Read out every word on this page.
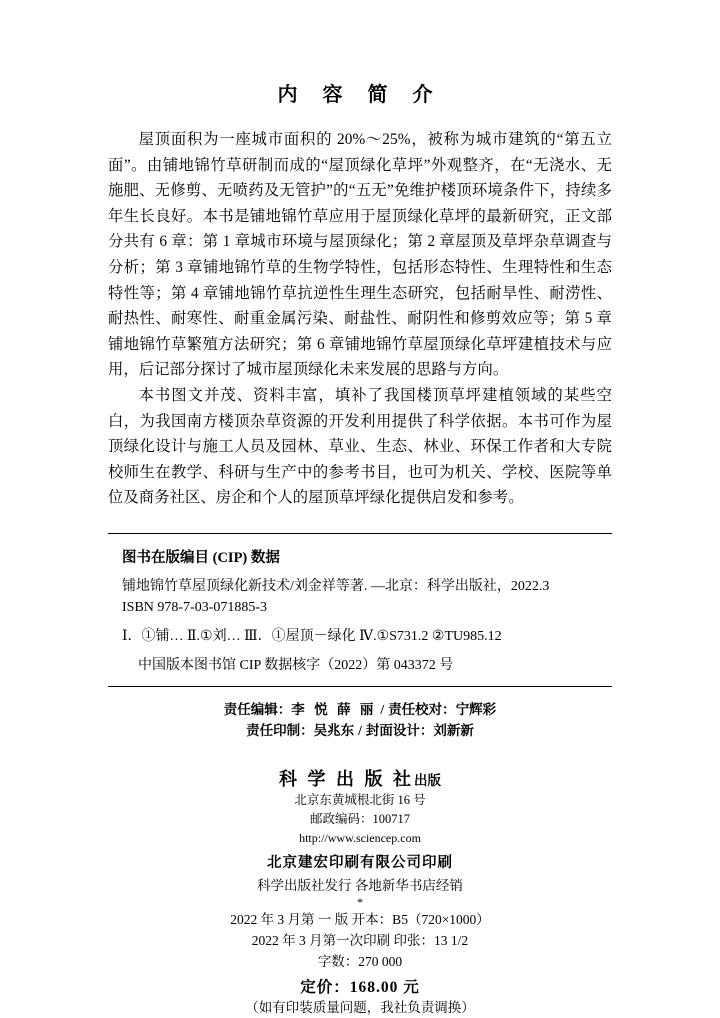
内 容 简 介

屋顶面积为一座城市面积的 20%～25%，被称为城市建筑的“第五立面”。由铺地锦竹草研制而成的“屋顶绿化草坪”外观整齐，在“无浇水、无施肥、无修剪、无喷药及无管护”的“五无”免维护楼顶环境条件下，持续多年生长良好。本书是铺地锦竹草应用于屋顶绿化草坪的最新研究，正文部分共有 6 章：第 1 章城市环境与屋顶绿化；第 2 章屋顶及草坪杂草调查与分析；第 3 章铺地锦竹草的生物学特性，包括形态特性、生理特性和生态特性等；第 4 章铺地锦竹草抗逆性生理生态研究，包括耐旱性、耐涝性、耐热性、耐寒性、耐重金属污染、耐盐性、耐阴性和修剪效应等；第 5 章铺地锦竹草繁殖方法研究；第 6 章铺地锦竹草屋顶绿化草坪建植技术与应用，后记部分探讨了城市屋顶绿化未来发展的思路与方向。

本书图文并茂、资料丰富，填补了我国楼顶草坪建植领域的某些空白，为我国南方楼顶杂草资源的开发利用提供了科学依据。本书可作为屋顶绿化设计与施工人员及园林、草业、生态、林业、环保工作者和大专院校师生在教学、科研与生产中的参考书目，也可为机关、学校、医院等单位及商务社区、房企和个人的屋顶草坪绿化提供启发和参考。

图书在版编目 (CIP) 数据
铺地锦竹草屋顶绿化新技术/刘金祥等著. —北京：科学出版社，2022.3
ISBN 978-7-03-071885-3
Ⅰ．①铺… Ⅱ.①刘… Ⅲ．①屋顶－绿化 Ⅳ.①S731.2 ②TU985.12
中国版本图书馆 CIP 数据核字（2022）第 043372 号
责任编辑：李 悦 薛 丽 / 责任校对：宁辉彩
责任印制：吴兆东 / 封面设计：刘新新
科 学 出 版 社出版
北京东黄城根北街 16 号
邮政编码：100717
http://www.sciencep.com
北京建宏印刷有限公司印刷
科学出版社发行 各地新华书店经销
*
2022 年 3 月第 一 版 开本：B5（720×1000）
2022 年 3 月第一次印刷 印张：13 1/2
字数：270 000
定价：168.00 元
（如有印装质量问题，我社负责调换）
